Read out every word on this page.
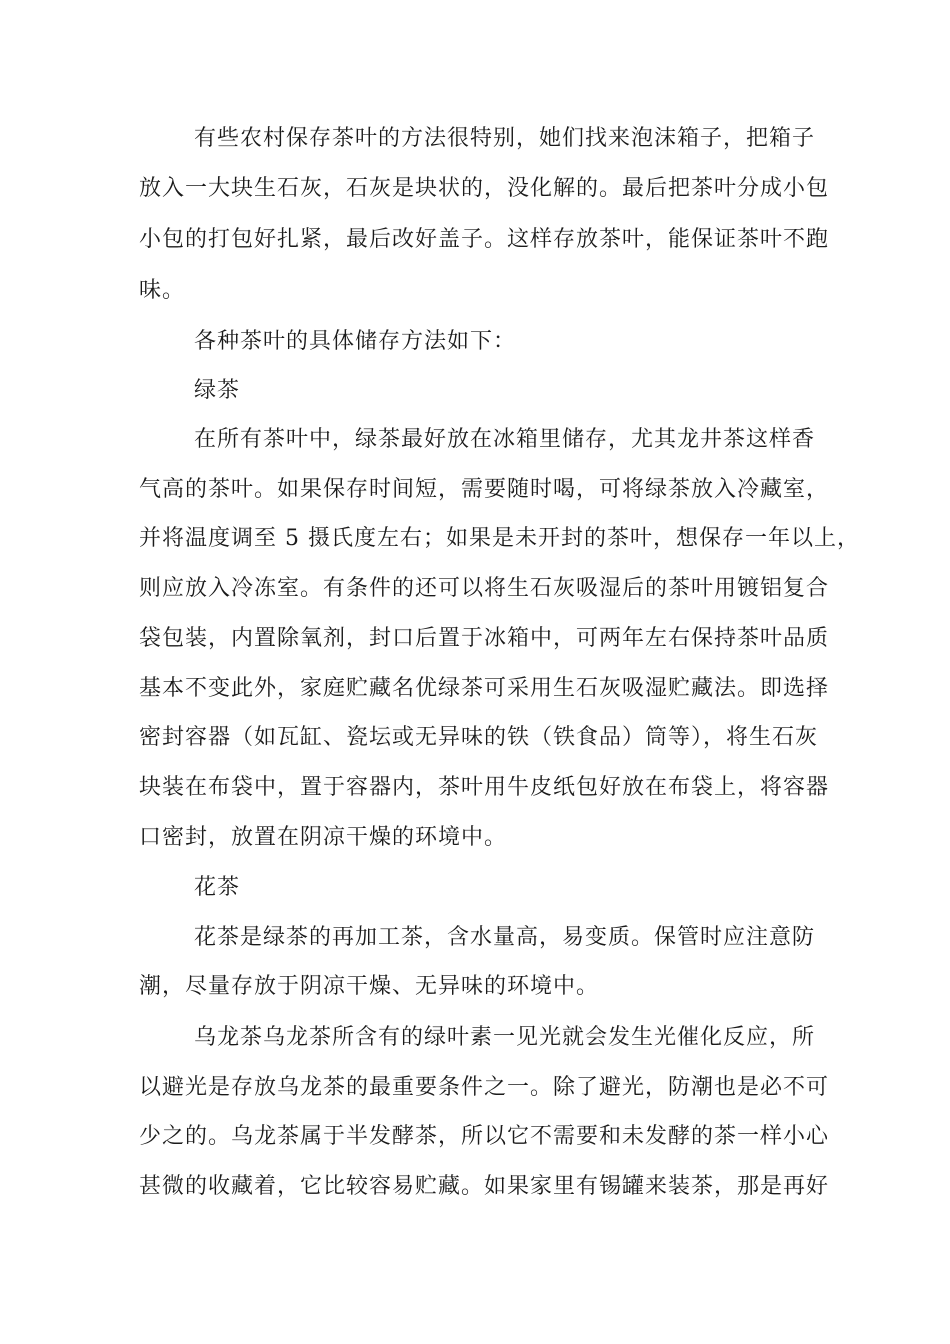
有些农村保存茶叶的方法很特别，她们找来泡沫箱子，把箱子
放入一大块生石灰，石灰是块状的，没化解的。最后把茶叶分成小包
小包的打包好扎紧，最后改好盖子。这样存放茶叶，能保证茶叶不跑
味。
各种茶叶的具体储存方法如下：
绿茶
在所有茶叶中，绿茶最好放在冰箱里储存，尤其龙井茶这样香
气高的茶叶。如果保存时间短，需要随时喝，可将绿茶放入冷藏室，
并将温度调至 5 摄氏度左右；如果是未开封的茶叶，想保存一年以上，
则应放入冷冻室。有条件的还可以将生石灰吸湿后的茶叶用镀铝复合
袋包装，内置除氧剂，封口后置于冰箱中，可两年左右保持茶叶品质
基本不变此外，家庭贮藏名优绿茶可采用生石灰吸湿贮藏法。即选择
密封容器（如瓦缸、瓷坛或无异味的铁（铁食品）筒等），将生石灰
块装在布袋中，置于容器内，茶叶用牛皮纸包好放在布袋上，将容器
口密封，放置在阴凉干燥的环境中。
花茶
花茶是绿茶的再加工茶，含水量高，易变质。保管时应注意防
潮，尽量存放于阴凉干燥、无异味的环境中。
乌龙茶乌龙茶所含有的绿叶素一见光就会发生光催化反应，所
以避光是存放乌龙茶的最重要条件之一。除了避光，防潮也是必不可
少之的。乌龙茶属于半发酵茶，所以它不需要和未发酵的茶一样小心
甚微的收藏着，它比较容易贮藏。如果家里有锡罐来装茶，那是再好
